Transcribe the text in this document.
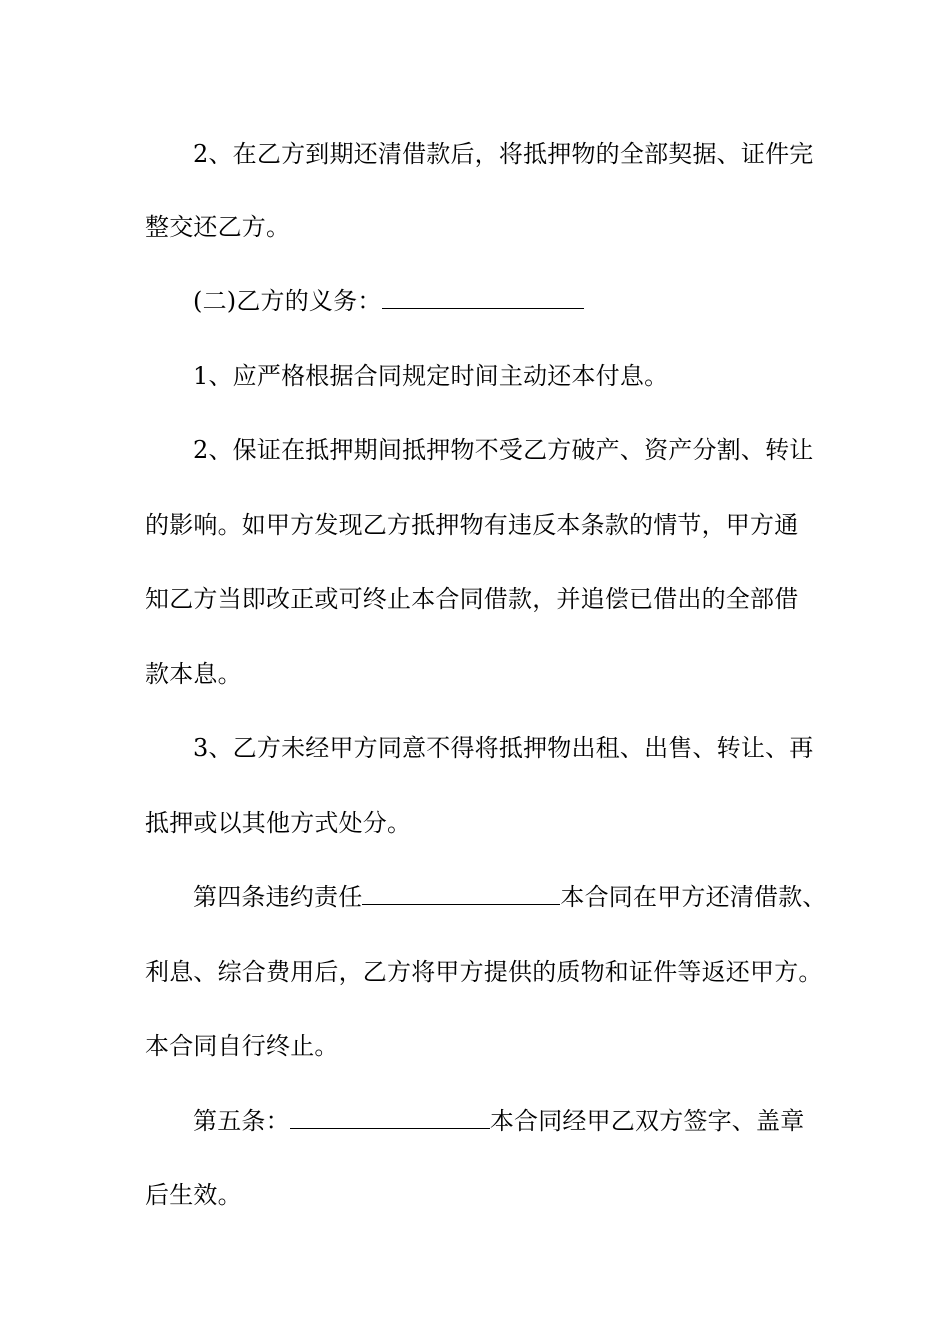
2、在乙方到期还清借款后，将抵押物的全部契据、证件完
整交还乙方。
(二)乙方的义务：
1、应严格根据合同规定时间主动还本付息。
2、保证在抵押期间抵押物不受乙方破产、资产分割、转让
的影响。如甲方发现乙方抵押物有违反本条款的情节，甲方通
知乙方当即改正或可终止本合同借款，并追偿已借出的全部借
款本息。
3、乙方未经甲方同意不得将抵押物出租、出售、转让、再
抵押或以其他方式处分。
第四条违约责任	本合同在甲方还清借款、
利息、综合费用后，乙方将甲方提供的质物和证件等返还甲方。
本合同自行终止。
第五条：	本合同经甲乙双方签字、盖章
后生效。
